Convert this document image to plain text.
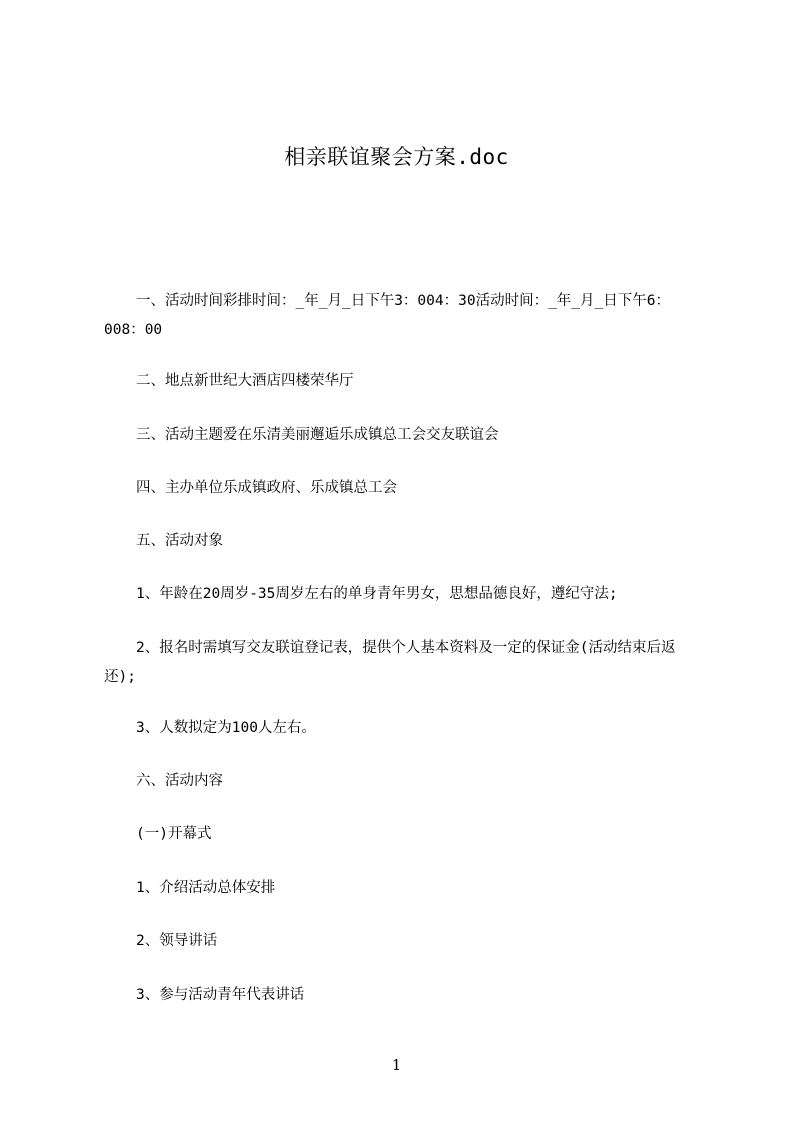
相亲联谊聚会方案.doc
一、活动时间彩排时间：_年_月_日下午3：004：30活动时间：_年_月_日下午6：008：00
二、地点新世纪大酒店四楼荣华厅
三、活动主题爱在乐清美丽邂逅乐成镇总工会交友联谊会
四、主办单位乐成镇政府、乐成镇总工会
五、活动对象
1、年龄在20周岁-35周岁左右的单身青年男女，思想品德良好，遵纪守法;
2、报名时需填写交友联谊登记表，提供个人基本资料及一定的保证金(活动结束后返还);
3、人数拟定为100人左右。
六、活动内容
(一)开幕式
1、介绍活动总体安排
2、领导讲话
3、参与活动青年代表讲话
1
